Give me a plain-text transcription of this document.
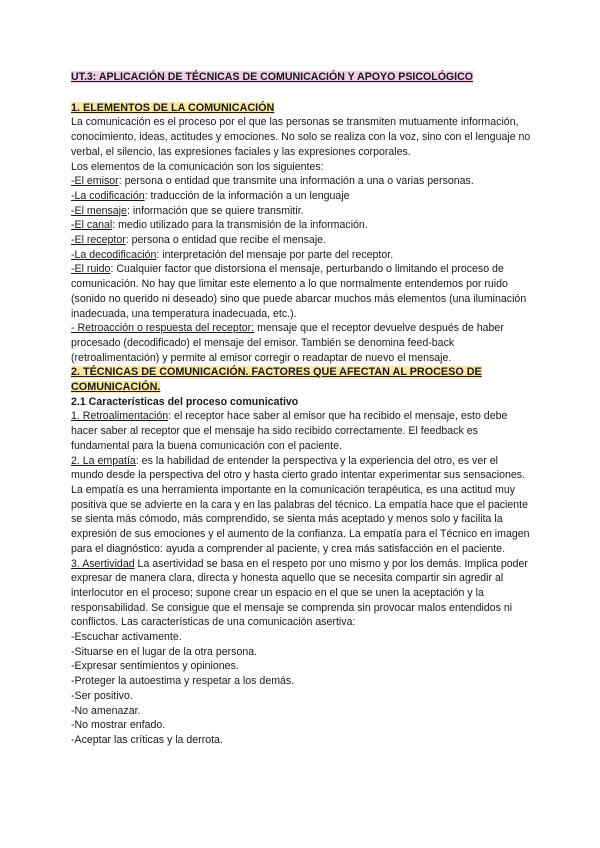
UT.3: APLICACIÓN DE TÉCNICAS DE COMUNICACIÓN Y APOYO PSICOLÓGICO

1. ELEMENTOS DE LA COMUNICACIÓN

La comunicación es el proceso por el que las personas se transmiten mutuamente información, conocimiento, ideas, actitudes y emociones. No solo se realiza con la voz, sino con el lenguaje no verbal, el silencio, las expresiones faciales y las expresiones corporales.

Los elementos de la comunicación son los siguientes:

-El emisor: persona o entidad que transmite una información a una o varias personas.

-La codificación: traducción de la información a un lenguaje

-El mensaje: información que se quiere transmitir.

-El canal: medio utilizado para la transmisión de la información.

-El receptor: persona o entidad que recibe el mensaje.

-La decodificación: interpretación del mensaje por parte del receptor.

-El ruido: Cualquier factor que distorsiona el mensaje, perturbando o limitando el proceso de comunicación. No hay que limitar este elemento a lo que normalmente entendemos por ruido (sonido no querido ni deseado) sino que puede abarcar muchos más elementos (una iluminación inadecuada, una temperatura inadecuada, etc.).

- Retroacción o respuesta del receptor: mensaje que el receptor devuelve después de haber procesado (decodificado) el mensaje del emisor. También se denomina feed-back (retroalimentación) y permite al emisor corregir o readaptar de nuevo el mensaje.

2. TÉCNICAS DE COMUNICACIÓN. FACTORES QUE AFECTAN AL PROCESO DE COMUNICACIÓN.

2.1 Características del proceso comunicativo

1. Retroalimentación: el receptor hace saber al emisor que ha recibido el mensaje, esto debe hacer saber al receptor que el mensaje ha sido recibido correctamente. El feedback es fundamental para la buena comunicación con el paciente.

2. La empatía: es la habilidad de entender la perspectiva y la experiencia del otro, es ver el mundo desde la perspectiva del otro y hasta cierto grado intentar experimentar sus sensaciones.

La empatía es una herramienta importante en la comunicación terapéutica, es una actitud muy positiva que se advierte en la cara y en las palabras del técnico. La empatía hace que el paciente se sienta más cómodo, más comprendido, se sienta más aceptado y menos solo y facilita la expresión de sus emociones y el aumento de la confianza. La empatía para el Técnico en imagen para el diagnóstico: ayuda a comprender al paciente, y crea más satisfacción en el paciente.

3. Asertividad La asertividad se basa en el respeto por uno mismo y por los demás. Implica poder expresar de manera clara, directa y honesta aquello que se necesita compartir sin agredir al interlocutor en el proceso; supone crear un espacio en el que se unen la aceptación y la responsabilidad. Se consigue que el mensaje se comprenda sin provocar malos entendidos ni conflictos. Las características de una comunicación asertiva:

-Escuchar activamente.

-Situarse en el lugar de la otra persona.

-Expresar sentimientos y opiniones.

-Proteger la autoestima y respetar a los demás.

-Ser positivo.

-No amenazar.

-No mostrar enfado.

-Aceptar las críticas y la derrota.
